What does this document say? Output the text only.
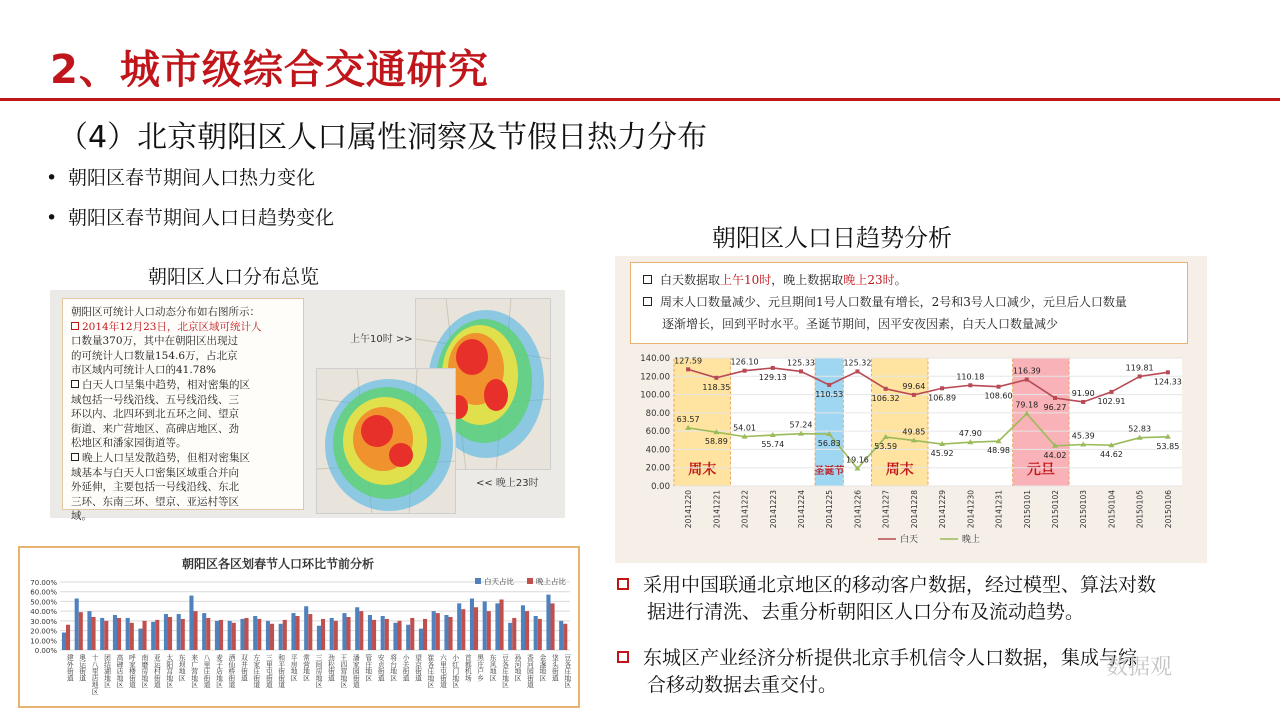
2、城市级综合交通研究
（4）北京朝阳区人口属性洞察及节假日热力分布
• 朝阳区春节期间人口热力变化
• 朝阳区春节期间人口日趋势变化
朝阳区人口分布总览
朝阳区可统计人口动态分布如右图所示：
2014年12月23日，北京区域可统计人
口数量370万，其中在朝阳区出现过
的可统计人口数量154.6万，占北京
市区域内可统计人口的41.78%
白天人口呈集中趋势，相对密集的区
域包括一号线沿线、五号线沿线、三
环以内、北四环到北五环之间、望京
街道、来广营地区、高碑店地区、劲
松地区和潘家园街道等。
晚上人口呈发散趋势，但相对密集区
域基本与白天人口密集区域重合并向
外延伸，主要包括一号线沿线、东北
三环、东南三环、望京、亚运村等区
域。
上午10时 >>
<< 晚上23时
朝阳区人口日趋势分析
白天数据取上午10时，晚上数据取晚上23时。
周末人口数量减少、元旦期间1号人口数量有增长，2号和3号人口减少，元旦后人口数量
逐渐增长，回到平时水平。圣诞节期间，因平安夜因素，白天人口数量减少
周末	圣诞节	周末	元旦
0.00
20.00
40.00
60.00
80.00
100.00
120.00
140.00
20141220	20141221	20141222	20141223	20141224	20141225	20141226	20141227	20141228	20141229	20141230	20141231	20150101	20150102	20150103	20150104	20150105	20150106
127.59
118.35
126.10
129.13
125.33
110.53
125.32
106.32
99.64
106.89
110.18
108.60
116.39
96.27
91.90
102.91
119.81
124.33
63.57
58.89
54.01
55.74
57.24
56.83
19.16
53.59
49.85
45.92
47.90
48.98
79.18
44.02
45.39
44.62
52.83
53.85
白天	晚上
朝阳区各区划春节人口环比节前分析
0.00%
10.00%
20.00%
30.00%
40.00%
50.00%
60.00%
70.00%
建外街道 奥运街道 十八里店地区 团结湖地区 高碑店地区 呼家楼街道 南磨房地区 亚运村街道 太阳宫地区 东坝地区 来广营地区 八里庄街道 麦子店地区 酒仙桥街道 双井街道 左家庄街道 三里屯街道 和平街街道 平房地区 常营地区 三间房地区 劲松街道 王四营地区 潘家园街道 管庄地区 安贞街道 将台地区 小关街道 望京街道 崔各庄地区 六里屯街道 小红门地区 首都机场 黑庄户乡 东风地区 豆各庄地区 孙河地区 香河园街道 金盏地区 垡头街道 豆各庄地区
白天占比	晚上占比	采用中国联通北京地区的移动客户数据，经过模型、算法对数
据进行清洗、去重分析朝阳区人口分布及流动趋势。
东城区产业经济分析提供北京手机信令人口数据，集成与综
合移动数据去重交付。
数据观
